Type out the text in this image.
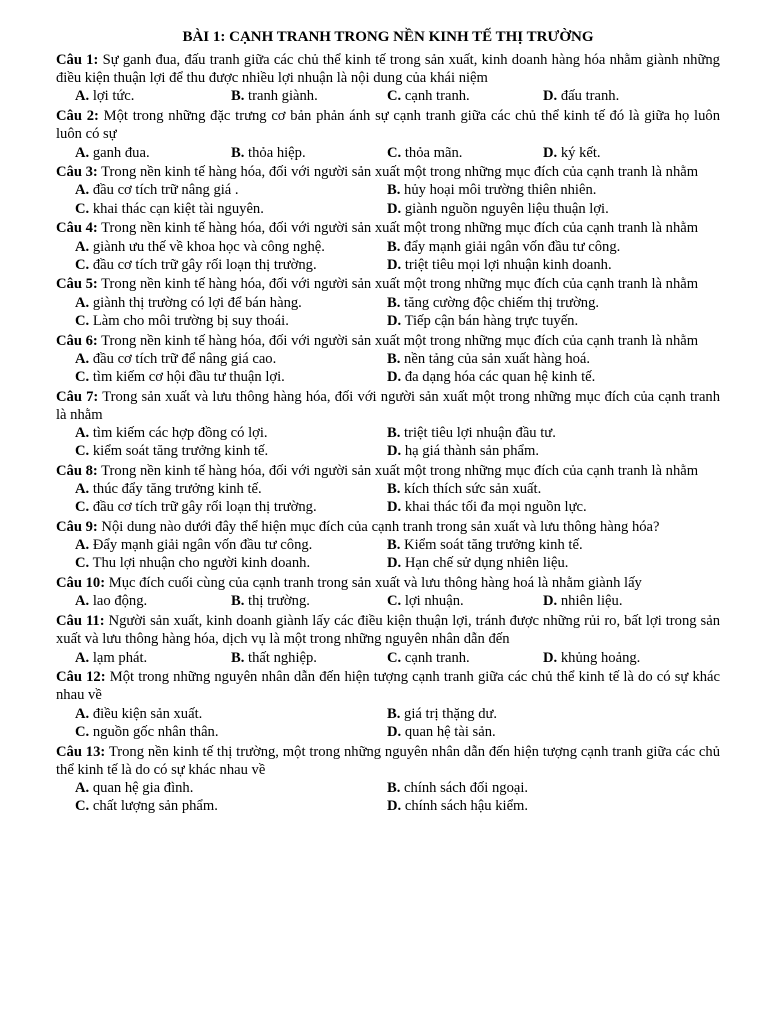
BÀI 1: CẠNH TRANH TRONG NỀN KINH TẾ THỊ TRƯỜNG
Câu 1: Sự ganh đua, đấu tranh giữa các chủ thể kinh tế trong sản xuất, kinh doanh hàng hóa nhằm giành những điều kiện thuận lợi để thu được nhiều lợi nhuận là nội dung của khái niệm
A. lợi tức.	B. tranh giành.	C. cạnh tranh.	D. đấu tranh.
Câu 2: Một trong những đặc trưng cơ bản phản ánh sự cạnh tranh giữa các chủ thể kinh tế đó là giữa họ luôn luôn có sự
A. ganh đua.	B. thỏa hiệp.	C. thỏa mãn.	D. ký kết.
Câu 3: Trong nền kinh tế hàng hóa, đối với người sản xuất một trong những mục đích của cạnh tranh là nhằm
A. đầu cơ tích trữ nâng giá .	B. hủy hoại môi trường thiên nhiên.
C. khai thác cạn kiệt tài nguyên.	D. giành nguồn nguyên liệu thuận lợi.
Câu 4: Trong nền kinh tế hàng hóa, đối với người sản xuất một trong những mục đích của cạnh tranh là nhằm
A. giành ưu thế về khoa học và công nghệ.	B. đẩy mạnh giải ngân vốn đầu tư công.
C. đầu cơ tích trữ gây rối loạn thị trường.	D. triệt tiêu mọi lợi nhuận kinh doanh.
Câu 5: Trong nền kinh tế hàng hóa, đối với người sản xuất một trong những mục đích của cạnh tranh là nhằm
A. giành thị trường có lợi để bán hàng.	B. tăng cường độc chiếm thị trường.
C. Làm cho môi trường bị suy thoái.	D. Tiếp cận bán hàng trực tuyến.
Câu 6: Trong nền kinh tế hàng hóa, đối với người sản xuất một trong những mục đích của cạnh tranh là nhằm
A. đầu cơ tích trữ để nâng giá cao.	B. nền tảng của sản xuất hàng hoá.
C. tìm kiếm cơ hội đầu tư thuận lợi.	D. đa dạng hóa các quan hệ kinh tế.
Câu 7: Trong sản xuất và lưu thông hàng hóa, đối với người sản xuất một trong những mục đích của cạnh tranh là nhằm
A. tìm kiếm các hợp đồng có lợi.	B. triệt tiêu lợi nhuận đầu tư.
C. kiểm soát tăng trưởng kinh tế.	D. hạ giá thành sản phẩm.
Câu 8: Trong nền kinh tế hàng hóa, đối với người sản xuất một trong những mục đích của cạnh tranh là nhằm
A. thúc đẩy tăng trưởng kinh tế.	B. kích thích sức sản xuất.
C. đầu cơ tích trữ gây rối loạn thị trường.	D. khai thác tối đa mọi nguồn lực.
Câu 9: Nội dung nào dưới đây thể hiện mục đích của cạnh tranh trong sản xuất và lưu thông hàng hóa?
A. Đẩy mạnh giải ngân vốn đầu tư công.	B. Kiểm soát tăng trưởng kinh tế.
C. Thu lợi nhuận cho người kinh doanh.	D. Hạn chế sử dụng nhiên liệu.
Câu 10: Mục đích cuối cùng của cạnh tranh trong sản xuất và lưu thông hàng hoá là nhằm giành lấy
A. lao động.	B. thị trường.	C. lợi nhuận.	D. nhiên liệu.
Câu 11: Người sản xuất, kinh doanh giành lấy các điều kiện thuận lợi, tránh được những rủi ro, bất lợi trong sản xuất và lưu thông hàng hóa, dịch vụ là một trong những nguyên nhân dẫn đến
A. lạm phát.	B. thất nghiệp.	C. cạnh tranh.	D. khủng hoảng.
Câu 12: Một trong những nguyên nhân dẫn đến hiện tượng cạnh tranh giữa các chủ thể kinh tế là do có sự khác nhau về
A. điều kiện sản xuất.	B. giá trị thặng dư.
C. nguồn gốc nhân thân.	D. quan hệ tài sản.
Câu 13: Trong nền kinh tế thị trường, một trong những nguyên nhân dẫn đến hiện tượng cạnh tranh giữa các chủ thể kinh tế là do có sự khác nhau về
A. quan hệ gia đình.	B. chính sách đối ngoại.
C. chất lượng sản phẩm.	D. chính sách hậu kiểm.
